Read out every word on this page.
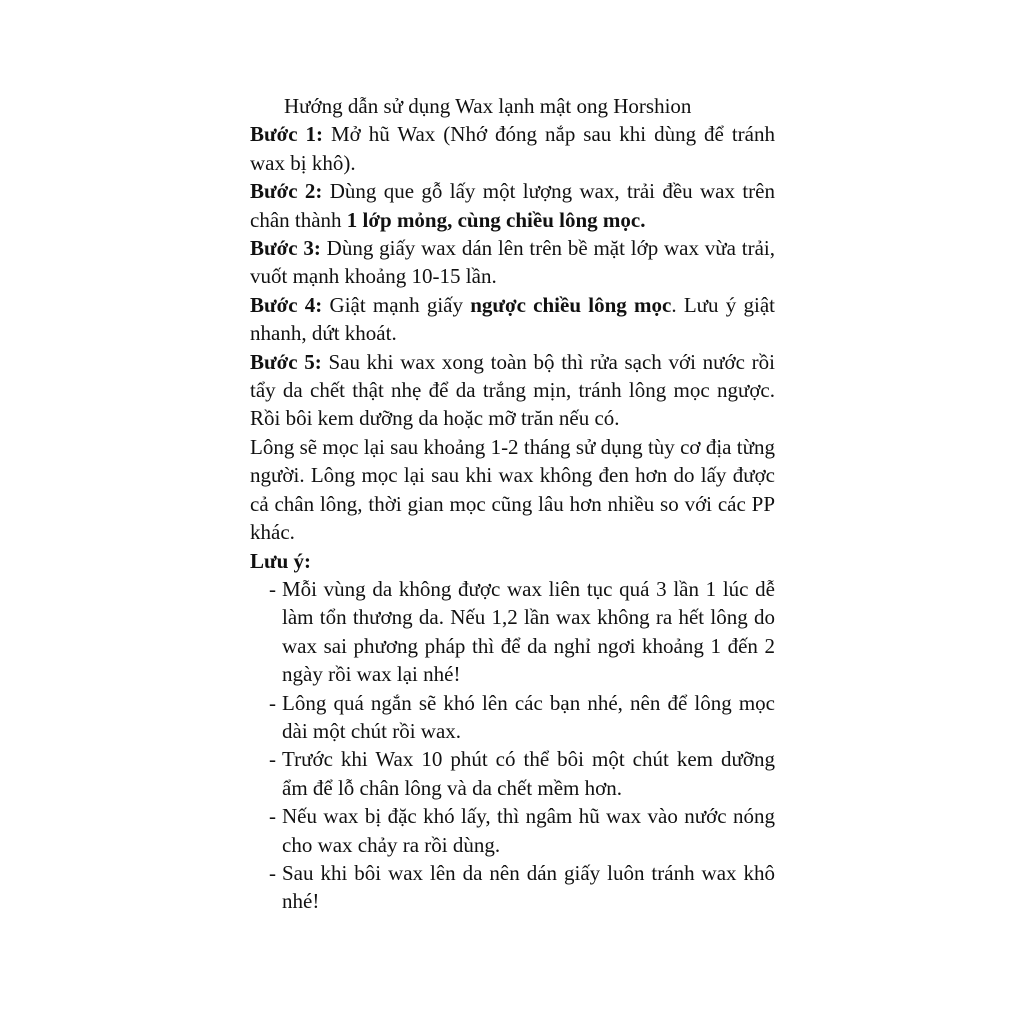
Hướng dẫn sử dụng Wax lạnh mật ong Horshion

Bước 1: Mở hũ Wax (Nhớ đóng nắp sau khi dùng để tránh wax bị khô).

Bước 2: Dùng que gỗ lấy một lượng wax, trải đều wax trên chân thành 1 lớp mỏng, cùng chiều lông mọc.

Bước 3: Dùng giấy wax dán lên trên bề mặt lớp wax vừa trải, vuốt mạnh khoảng 10-15 lần.

Bước 4: Giật mạnh giấy ngược chiều lông mọc. Lưu ý giật nhanh, dứt khoát.

Bước 5: Sau khi wax xong toàn bộ thì rửa sạch với nước rồi tẩy da chết thật nhẹ để da trắng mịn, tránh lông mọc ngược. Rồi bôi kem dưỡng da hoặc mỡ trăn nếu có.

Lông sẽ mọc lại sau khoảng 1-2 tháng sử dụng tùy cơ địa từng người. Lông mọc lại sau khi wax không đen hơn do lấy được cả chân lông, thời gian mọc cũng lâu hơn nhiều so với các PP khác.

Lưu ý:

- Mỗi vùng da không được wax liên tục quá 3 lần 1 lúc dễ làm tổn thương da. Nếu 1,2 lần wax không ra hết lông do wax sai phương pháp thì để da nghỉ ngơi khoảng 1 đến 2 ngày rồi wax lại nhé!
- Lông quá ngắn sẽ khó lên các bạn nhé, nên để lông mọc dài một chút rồi wax.
- Trước khi Wax 10 phút có thể bôi một chút kem dưỡng ẩm để lỗ chân lông và da chết mềm hơn.
- Nếu wax bị đặc khó lấy, thì ngâm hũ wax vào nước nóng cho wax chảy ra rồi dùng.
- Sau khi bôi wax lên da nên dán giấy luôn tránh wax khô nhé!
